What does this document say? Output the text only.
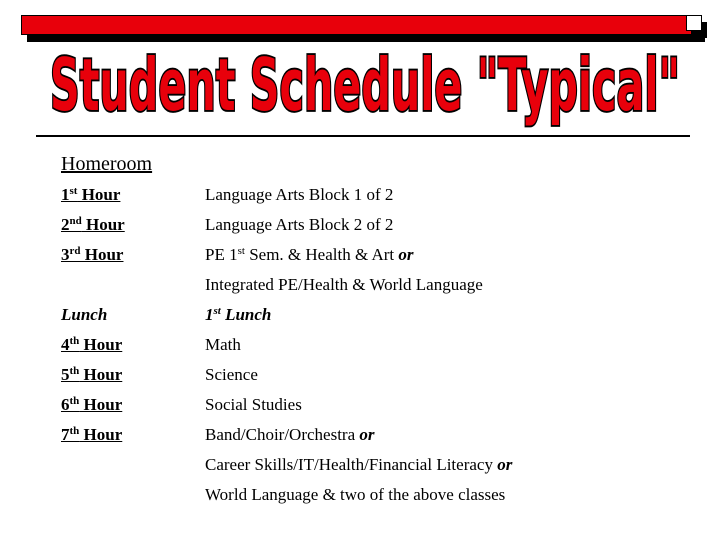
Student Schedule "Typical"
Homeroom
1st Hour	Language Arts Block 1 of 2
2nd Hour	Language Arts Block 2 of 2
3rd Hour	PE 1st Sem. & Health & Art or
Integrated PE/Health & World Language
Lunch	1st Lunch
4th Hour	Math
5th Hour	Science
6th Hour	Social Studies
7th Hour	Band/Choir/Orchestra or
Career Skills/IT/Health/Financial Literacy or
World Language & two of the above classes
